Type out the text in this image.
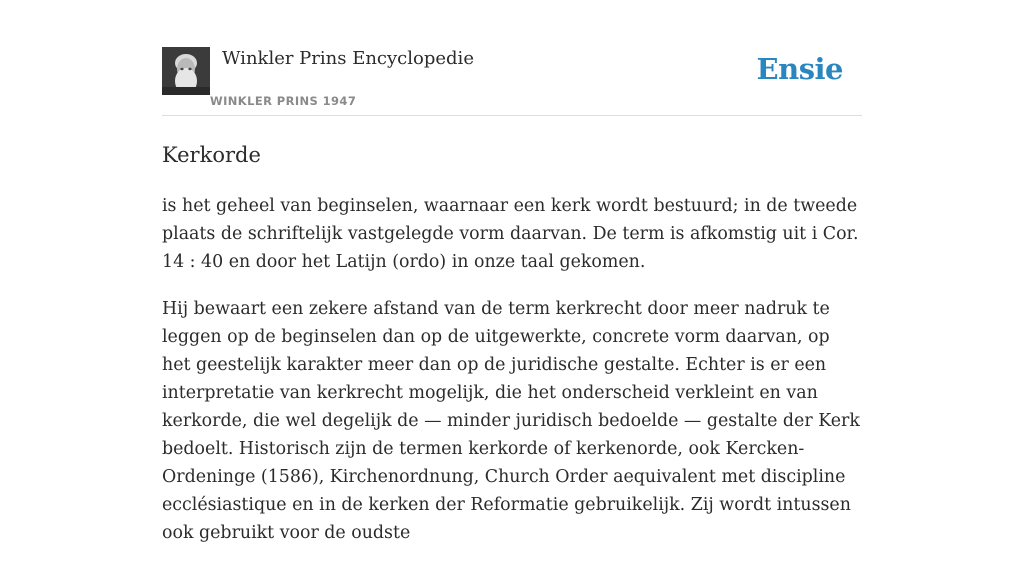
Winkler Prins Encyclopedie
WINKLER PRINS 1947
Ensie
Kerkorde

is het geheel van beginselen, waarnaar een kerk wordt bestuurd; in de tweede plaats de schriftelijk vastgelegde vorm daarvan. De term is afkomstig uit i Cor. 14 : 40 en door het Latijn (ordo) in onze taal gekomen.

Hij bewaart een zekere afstand van de term kerkrecht door meer nadruk te leggen op de beginselen dan op de uitgewerkte, concrete vorm daarvan, op het geestelijk karakter meer dan op de juridische gestalte. Echter is er een interpretatie van kerkrecht mogelijk, die het onderscheid verkleint en van kerkorde, die wel degelijk de — minder juridisch bedoelde — gestalte der Kerk bedoelt. Historisch zijn de termen kerkorde of kerkenorde, ook Kercken-Ordeninge (1586), Kirchenordnung, Church Order aequivalent met discipline ecclésiastique en in de kerken der Reformatie gebruikelijk. Zij wordt intussen ook gebruikt voor de oudste
